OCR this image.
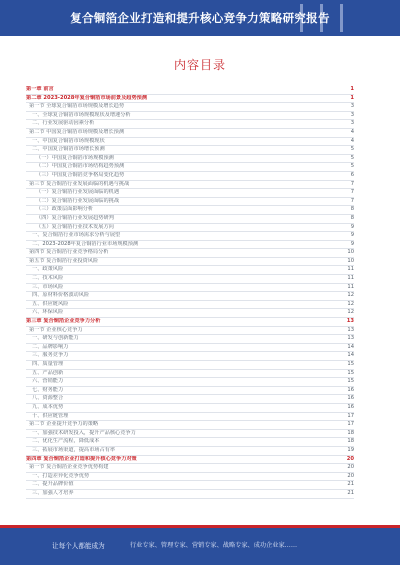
复合铜箔企业打造和提升核心竞争力策略研究报告
内容目录
第一章 前言	1
第二章 2023-2028年复合铜箔市场前景及趋势预测	1
第一节 全球复合铜箔市场规模及增长趋势	3
一、全球复合铜箔市场规模现状及增速分析	3
二、行业发展驱动因素分析	3
第二节 中国复合铜箔市场规模及增长预测	4
一、中国复合铜箔市场规模现状	4
二、中国复合铜箔市场增长预测	5
（一）中国复合铜箔市场规模预测	5
（二）中国复合铜箔市场结构趋势预测	5
（三）中国复合铜箔竞争格局变化趋势	6
第三节 复合铜箔行业发展面临的机遇与挑战	7
（一）复合铜箔行业发展面临的机遇	7
（二）复合铜箔行业发展面临的挑战	7
（三）政策层面影响分析	8
（四）复合铜箔行业发展趋势研判	8
（五）复合铜箔行业技术发展方向	9
一、复合铜箔行业市场需求分析与展望	9
二、2023-2028年复合铜箔行业市场规模预测	9
第四节 复合铜箔行业竞争格局分析	10
第五节 复合铜箔行业投资风险	10
一、政策风险	11
二、技术风险	11
三、市场风险	11
四、原材料价格波动风险	12
五、供应链风险	12
六、环保风险	12
第三章 复合铜箔企业竞争力分析	13
第一节 企业核心竞争力	13
一、研发与创新能力	13
二、品牌影响力	14
三、服务竞争力	14
四、质量管理	15
五、产品创新	15
六、营销能力	15
七、财务能力	16
八、资源整合	16
九、成本优势	16
十、供应链管理	17
第二节 企业提升竞争力的策略	17
一、加强技术研发投入，提升产品核心竞争力	18
二、优化生产流程，降低成本	18
三、拓展市场渠道，提高市场占有率	19
第四章 复合铜箔企业打造和提升核心竞争力对策	20
第一节 复合铜箔企业竞争优势构建	20
一、打造差异化竞争优势	20
二、提升品牌价值	21
三、加强人才培养	21
让每个人都能成为	行业专家、管理专家、营销专家、战略专家、成功企业家……
